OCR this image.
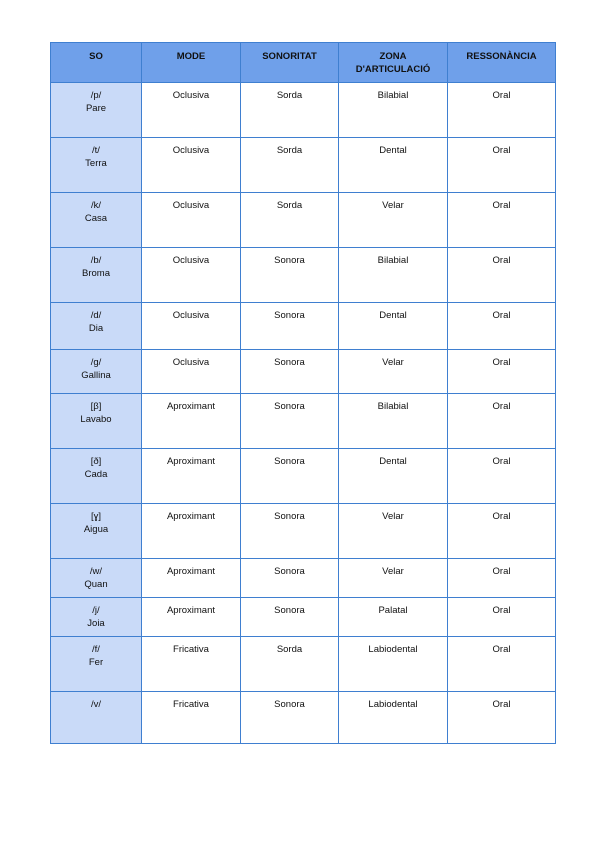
SO	MODE	SONORITAT	ZONA
D'ARTICULACIÓ	RESSONÀNCIA

/p/
Pare	Oclusiva	Sorda	Bilabial	Oral

/t/
Terra	Oclusiva	Sorda	Dental	Oral

/k/
Casa	Oclusiva	Sorda	Velar	Oral

/b/
Broma	Oclusiva	Sonora	Bilabial	Oral

/d/
Dia	Oclusiva	Sonora	Dental	Oral

/g/
Gallina	Oclusiva	Sonora	Velar	Oral

[β]
Lavabo	Aproximant	Sonora	Bilabial	Oral

[ð]
Cada	Aproximant	Sonora	Dental	Oral

[ɣ]
Aigua	Aproximant	Sonora	Velar	Oral

/w/
Quan	Aproximant	Sonora	Velar	Oral

/j/
Joia	Aproximant	Sonora	Palatal	Oral

/f/
Fer	Fricativa	Sorda	Labiodental	Oral

/v/	Fricativa	Sonora	Labiodental	Oral
